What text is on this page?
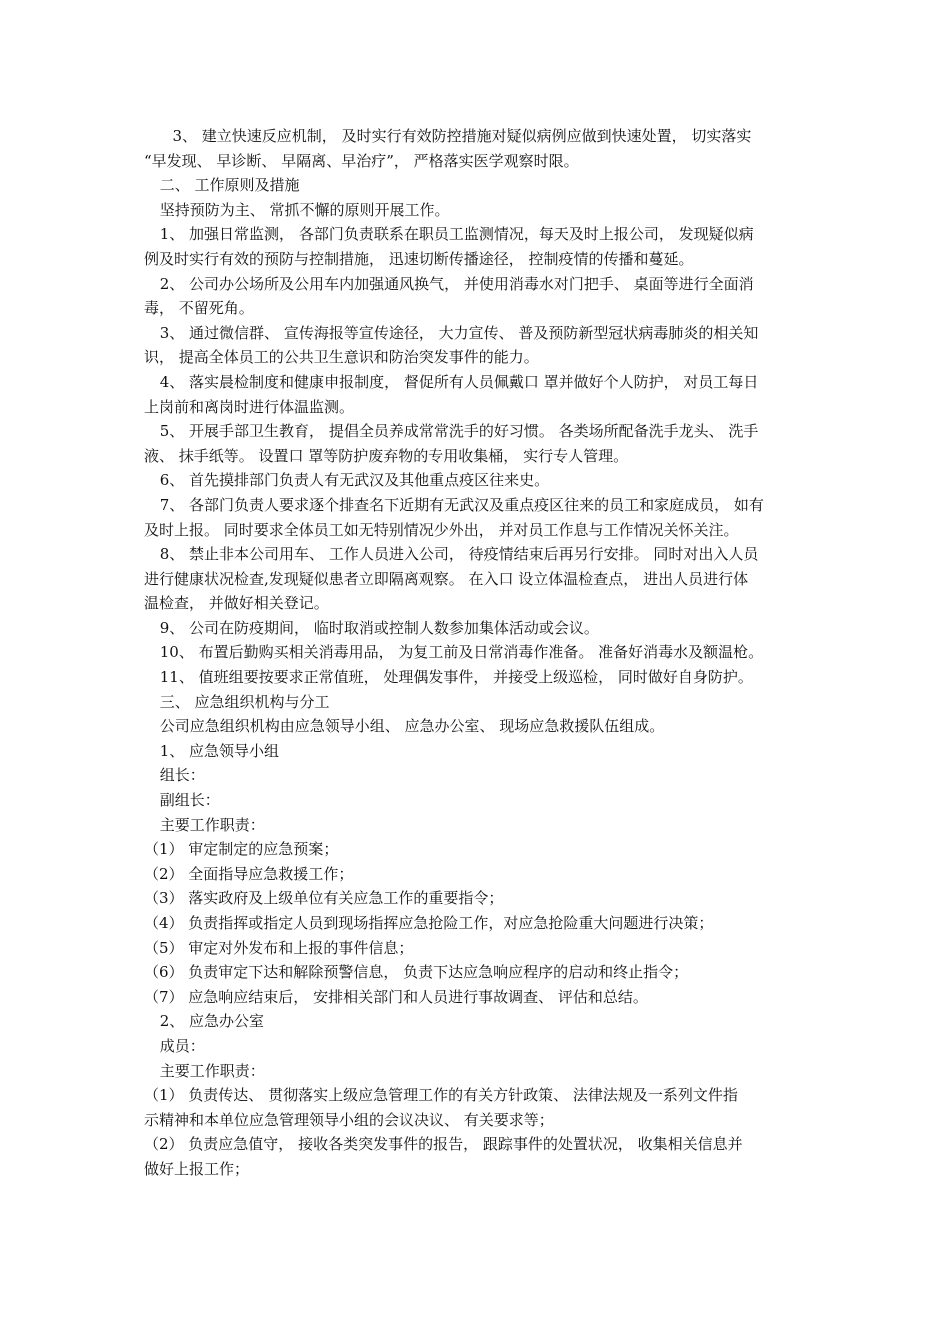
3、 建立快速反应机制， 及时实行有效防控措施对疑似病例应做到快速处置， 切实落实

“早发现、 早诊断、 早隔离、早治疗”， 严格落实医学观察时限。

二、 工作原则及措施

坚持预防为主、 常抓不懈的原则开展工作。

1、 加强日常监测， 各部门负责联系在职员工监测情况，每天及时上报公司， 发现疑似病

例及时实行有效的预防与控制措施， 迅速切断传播途径， 控制疫情的传播和蔓延。

2、 公司办公场所及公用车内加强通风换气， 并使用消毒水对门把手、 桌面等进行全面消

毒， 不留死角。

3、 通过微信群、 宣传海报等宣传途径， 大力宣传、 普及预防新型冠状病毒肺炎的相关知

识， 提高全体员工的公共卫生意识和防治突发事件的能力。

4、 落实晨检制度和健康申报制度， 督促所有人员佩戴口 罩并做好个人防护， 对员工每日

上岗前和离岗时进行体温监测。

5、 开展手部卫生教育， 提倡全员养成常常洗手的好习惯。 各类场所配备洗手龙头、 洗手

液、 抹手纸等。 设置口 罩等防护废弃物的专用收集桶， 实行专人管理。

6、 首先摸排部门负责人有无武汉及其他重点疫区往来史。

7、 各部门负责人要求逐个排查名下近期有无武汉及重点疫区往来的员工和家庭成员， 如有

及时上报。 同时要求全体员工如无特别情况少外出， 并对员工作息与工作情况关怀关注。

8、 禁止非本公司用车、 工作人员进入公司， 待疫情结束后再另行安排。 同时对出入人员

进行健康状况检查,发现疑似患者立即隔离观察。 在入口 设立体温检查点， 进出人员进行体

温检查， 并做好相关登记。

9、 公司在防疫期间， 临时取消或控制人数参加集体活动或会议。

10、 布置后勤购买相关消毒用品， 为复工前及日常消毒作准备。 准备好消毒水及额温枪。

11、 值班组要按要求正常值班， 处理偶发事件， 并接受上级巡检， 同时做好自身防护。

三、 应急组织机构与分工

公司应急组织机构由应急领导小组、 应急办公室、 现场应急救援队伍组成。

1、 应急领导小组

组长：

副组长：

主要工作职责：

（1） 审定制定的应急预案；

（2） 全面指导应急救援工作；

（3） 落实政府及上级单位有关应急工作的重要指令；

（4） 负责指挥或指定人员到现场指挥应急抢险工作，对应急抢险重大问题进行决策；

（5） 审定对外发布和上报的事件信息；

（6） 负责审定下达和解除预警信息， 负责下达应急响应程序的启动和终止指令；

（7） 应急响应结束后， 安排相关部门和人员进行事故调查、 评估和总结。

2、 应急办公室

成员：

主要工作职责：

（1） 负责传达、 贯彻落实上级应急管理工作的有关方针政策、 法律法规及一系列文件指

示精神和本单位应急管理领导小组的会议决议、 有关要求等；

（2） 负责应急值守， 接收各类突发事件的报告， 跟踪事件的处置状况， 收集相关信息并

做好上报工作；
